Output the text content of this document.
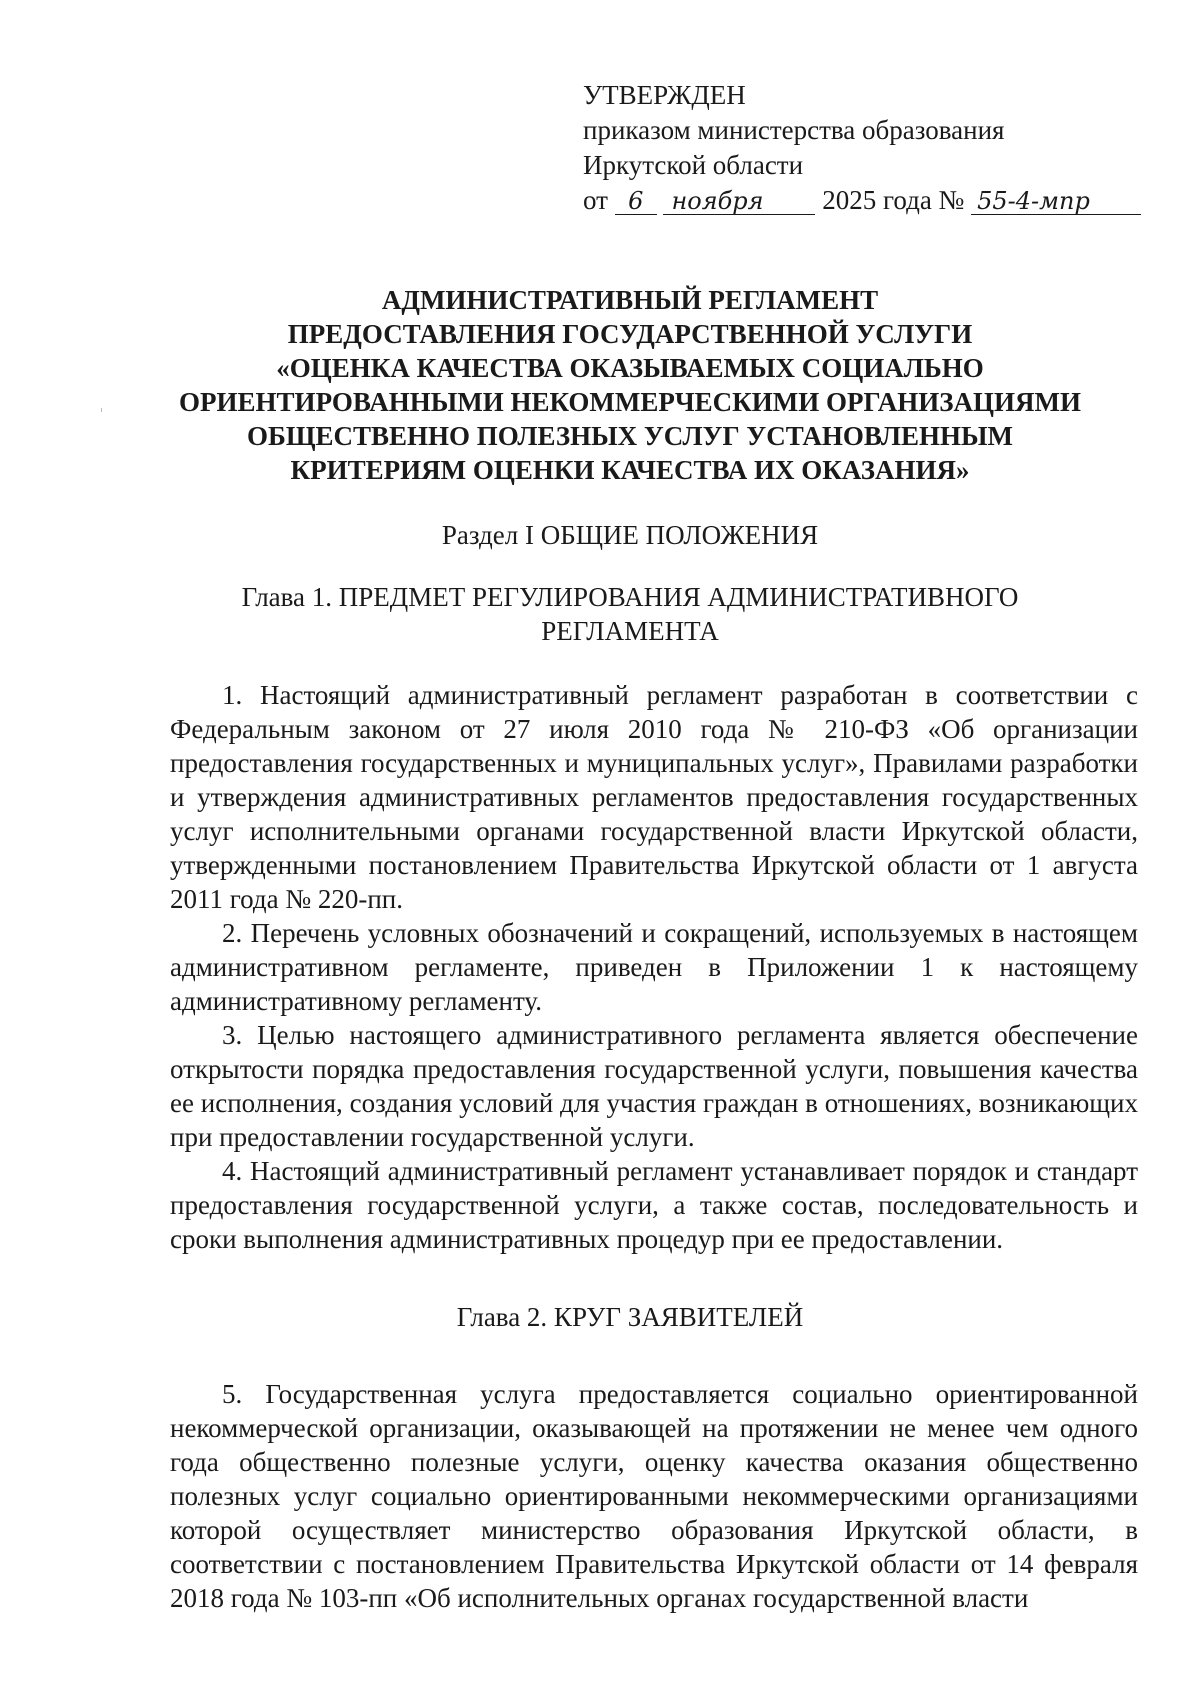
УТВЕРЖДЕН
приказом министерства образования
Иркутской области
от 6 ноября 2025 года № 55-4-мпр
АДМИНИСТРАТИВНЫЙ РЕГЛАМЕНТ
ПРЕДОСТАВЛЕНИЯ ГОСУДАРСТВЕННОЙ УСЛУГИ
«ОЦЕНКА КАЧЕСТВА ОКАЗЫВАЕМЫХ СОЦИАЛЬНО
ОРИЕНТИРОВАННЫМИ НЕКОММЕРЧЕСКИМИ ОРГАНИЗАЦИЯМИ
ОБЩЕСТВЕННО ПОЛЕЗНЫХ УСЛУГ УСТАНОВЛЕННЫМ
КРИТЕРИЯМ ОЦЕНКИ КАЧЕСТВА ИХ ОКАЗАНИЯ»
Раздел I ОБЩИЕ ПОЛОЖЕНИЯ
Глава 1. ПРЕДМЕТ РЕГУЛИРОВАНИЯ АДМИНИСТРАТИВНОГО
РЕГЛАМЕНТА

1. Настоящий административный регламент разработан в соответствии с Федеральным законом от 27 июля 2010 года № 210-ФЗ «Об организации предоставления государственных и муниципальных услуг», Правилами разработки и утверждения административных регламентов предоставления государственных услуг исполнительными органами государственной власти Иркутской области, утвержденными постановлением Правительства Иркутской области от 1 августа 2011 года № 220-пп.

2. Перечень условных обозначений и сокращений, используемых в настоящем административном регламенте, приведен в Приложении 1 к настоящему административному регламенту.

3. Целью настоящего административного регламента является обеспечение открытости порядка предоставления государственной услуги, повышения качества ее исполнения, создания условий для участия граждан в отношениях, возникающих при предоставлении государственной услуги.

4. Настоящий административный регламент устанавливает порядок и стандарт предоставления государственной услуги, а также состав, последовательность и сроки выполнения административных процедур при ее предоставлении.

Глава 2. КРУГ ЗАЯВИТЕЛЕЙ

5. Государственная услуга предоставляется социально ориентированной некоммерческой организации, оказывающей на протяжении не менее чем одного года общественно полезные услуги, оценку качества оказания общественно полезных услуг социально ориентированными некоммерческими организациями которой осуществляет министерство образования Иркутской области, в соответствии с постановлением Правительства Иркутской области от 14 февраля 2018 года № 103-пп «Об исполнительных органах государственной власти
